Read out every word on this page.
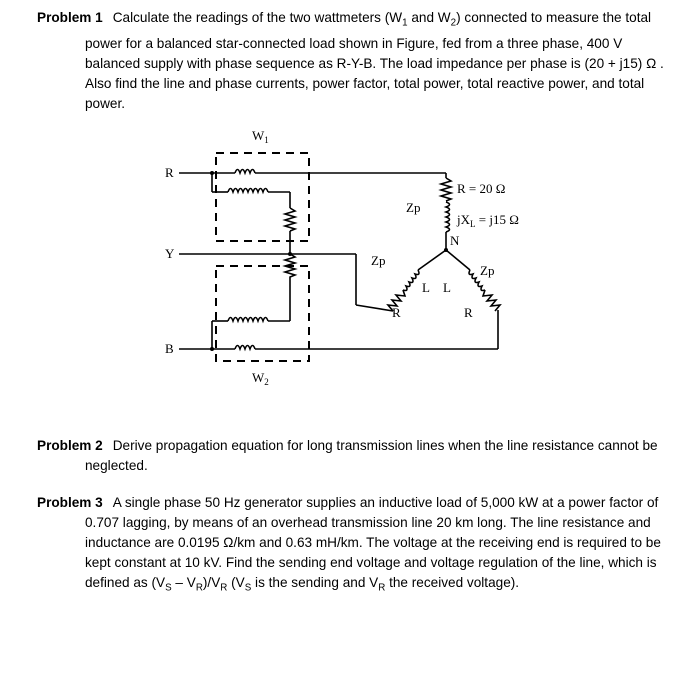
Problem 1 Calculate the readings of the two wattmeters ($W_1$ and $W_2$) connected to measure the total power for a balanced star-connected load shown in Figure, fed from a three phase, 400 V balanced supply with phase sequence as R-Y-B. The load impedance per phase is (20 + j15) Ω . Also find the line and phase currents, power factor, total power, total reactive power, and total power.

$W_1$
$W_2$
R
Y
B
R = 20 Ω
$jX_L = j15$ Ω
N
Zp
Zp
Zp
L L
R	R

Problem 2 Derive propagation equation for long transmission lines when the line resistance cannot be neglected.

Problem 3 A single phase 50 Hz generator supplies an inductive load of 5,000 kW at a power factor of 0.707 lagging, by means of an overhead transmission line 20 km long. The line resistance and inductance are 0.0195 Ω/km and 0.63 mH/km. The voltage at the receiving end is required to be kept constant at 10 kV. Find the sending end voltage and voltage regulation of the line, which is defined as $(V_S - V_R)/V_R$ ($V_S$ is the sending and $V_R$ the received voltage).
